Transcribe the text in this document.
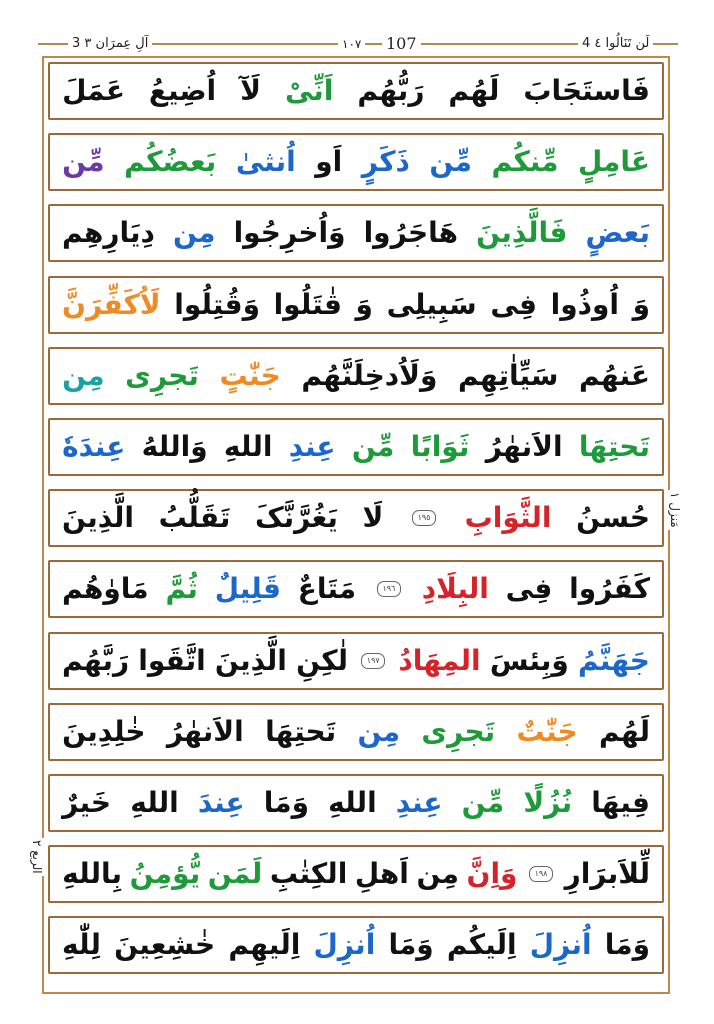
4 لَن تَنَالُوا ٤
١٠٧ 107
3 آلِ عِمرَان ٣
فَاستَجَابَ
لَهُم
رَبُّهُم
اَنِّیْ
لَآ
اُضِیعُ
عَمَلَ
عَامِلٍ
مِّنکُم
مِّن
ذَکَرٍ
اَو
اُنثیٰ
بَعضُکُم
مِّن
بَعضٍ
فَالَّذِینَ
هَاجَرُوا
وَاُخرِجُوا
مِن
دِیَارِهِم
وَ
اُوذُوا
فِی
سَبِیلِی
وَ
قٰتَلُوا
وَقُتِلُوا
لَاُکَفِّرَنَّ
عَنهُم
سَیِّاٰتِهِم
وَلَاُدخِلَنَّهُم
جَنّٰتٍ
تَجرِی
مِن
تَحتِهَا
الاَنهٰرُ
ثَوَابًا
مِّن
عِندِ
اللهِ
وَاللهُ
عِندَهٗ
حُسنُ
الثَّوَابِ
١٩٥
لَا
یَغُرَّنَّکَ
تَقَلُّبُ
الَّذِینَ
کَفَرُوا
فِی
البِلَادِ
١٩٦
مَتَاعٌ
قَلِیلٌ
ثُمَّ
مَاوٰهُم
جَهَنَّمُ
وَبِئسَ
المِهَادُ
١٩٧
لٰکِنِ
الَّذِینَ
اتَّقَوا
رَبَّهُم
لَهُم
جَنّٰتٌ
تَجرِی
مِن
تَحتِهَا
الاَنهٰرُ
خٰلِدِینَ
فِیهَا
نُزُلًا
مِّن
عِندِ
اللهِ
وَمَا
عِندَ
اللهِ
خَیرٌ
لِّلاَبرَارِ
١٩٨
وَاِنَّ
مِن
اَهلِ
الکِتٰبِ
لَمَن
یُّؤمِنُ
بِاللهِ
وَمَا
اُنزِلَ
اِلَیکُم
وَمَا
اُنزِلَ
اِلَیهِم
خٰشِعِینَ
لِلّٰهِ
مَنزل ١
الربع ٢
